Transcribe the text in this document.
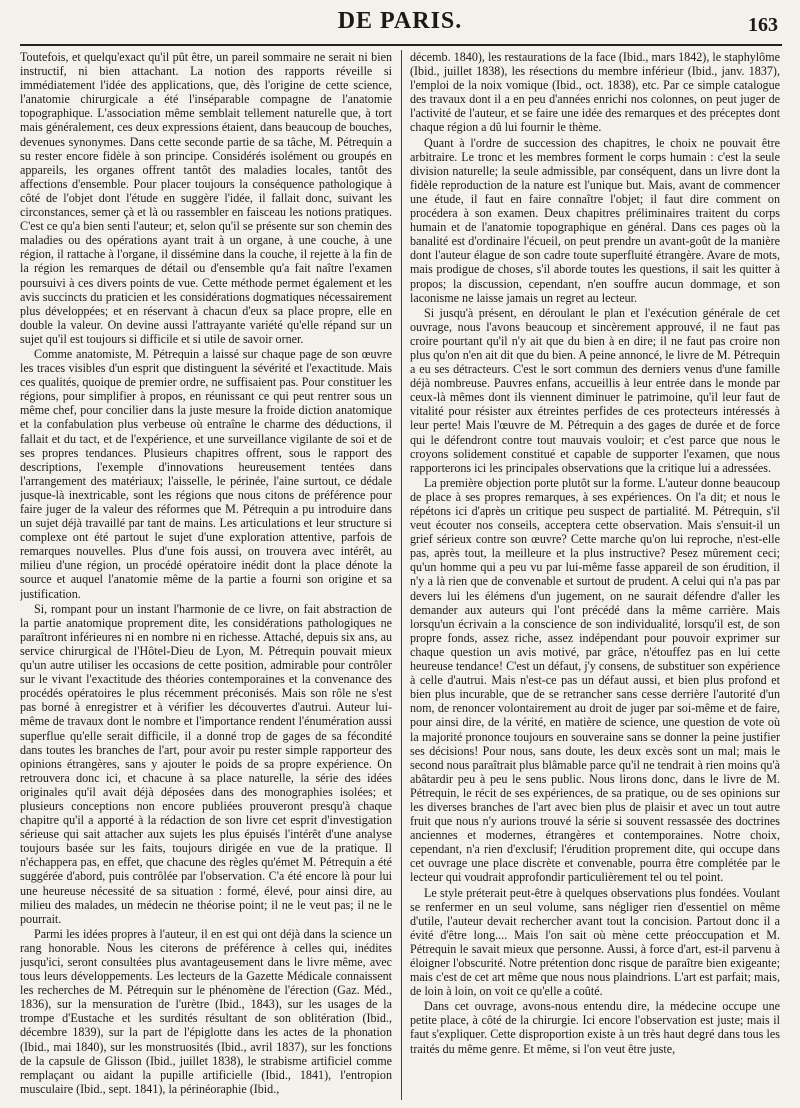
DE PARIS.	163

Toutefois, et quelqu'exact qu'il pût être, un pareil sommaire ne serait ni bien instructif, ni bien attachant. La notion des rapports réveille si immédiatement l'idée des applications, que, dès l'origine de cette science, l'anatomie chirurgicale a été l'inséparable compagne de l'anatomie topographique. L'association même semblait tellement naturelle que, à tort mais généralement, ces deux expressions étaient, dans beaucoup de bouches, devenues synonymes. Dans cette seconde partie de sa tâche, M. Pétrequin a su rester encore fidèle à son principe. Considérés isolément ou groupés en appareils, les organes offrent tantôt des maladies locales, tantôt des affections d'ensemble. Pour placer toujours la conséquence pathologique à côté de l'objet dont l'étude en suggère l'idée, il fallait donc, suivant les circonstances, semer çà et là ou rassembler en faisceau les notions pratiques. C'est ce qu'a bien senti l'auteur; et, selon qu'il se présente sur son chemin des maladies ou des opérations ayant trait à un organe, à une couche, à une région, il rattache à l'organe, il dissémine dans la couche, il rejette à la fin de la région les remarques de détail ou d'ensemble qu'a fait naître l'examen poursuivi à ces divers points de vue. Cette méthode permet également et les avis succincts du praticien et les considérations dogmatiques nécessairement plus développées; et en réservant à chacun d'eux sa place propre, elle en double la valeur. On devine aussi l'attrayante variété qu'elle répand sur un sujet qu'il est toujours si difficile et si utile de savoir orner.

Comme anatomiste, M. Pétrequin a laissé sur chaque page de son œuvre les traces visibles d'un esprit que distinguent la sévérité et l'exactitude. Mais ces qualités, quoique de premier ordre, ne suffisaient pas. Pour constituer les régions, pour simplifier à propos, en réunissant ce qui peut rentrer sous un même chef, pour concilier dans la juste mesure la froide diction anatomique et la confabulation plus verbeuse où entraîne le charme des déductions, il fallait et du tact, et de l'expérience, et une surveillance vigilante de soi et de ses propres tendances. Plusieurs chapitres offrent, sous le rapport des descriptions, l'exemple d'innovations heureusement tentées dans l'arrangement des matériaux; l'aisselle, le périnée, l'aine surtout, ce dédale jusque-là inextricable, sont les régions que nous citons de préférence pour faire juger de la valeur des réformes que M. Pétrequin a pu introduire dans un sujet déjà travaillé par tant de mains. Les articulations et leur structure si complexe ont été partout le sujet d'une exploration attentive, parfois de remarques nouvelles. Plus d'une fois aussi, on trouvera avec intérêt, au milieu d'une région, un procédé opératoire inédit dont la place dénote la source et auquel l'anatomie même de la partie a fourni son origine et sa justification.

Si, rompant pour un instant l'harmonie de ce livre, on fait abstraction de la partie anatomique proprement dite, les considérations pathologiques ne paraîtront inférieures ni en nombre ni en richesse. Attaché, depuis six ans, au service chirurgical de l'Hôtel-Dieu de Lyon, M. Pétrequin pouvait mieux qu'un autre utiliser les occasions de cette position, admirable pour contrôler sur le vivant l'exactitude des théories contemporaines et la convenance des procédés opératoires le plus récemment préconisés. Mais son rôle ne s'est pas borné à enregistrer et à vérifier les découvertes d'autrui. Auteur lui-même de travaux dont le nombre et l'importance rendent l'énumération aussi superflue qu'elle serait difficile, il a donné trop de gages de sa fécondité dans toutes les branches de l'art, pour avoir pu rester simple rapporteur des opinions étrangères, sans y ajouter le poids de sa propre expérience. On retrouvera donc ici, et chacune à sa place naturelle, la série des idées originales qu'il avait déjà déposées dans des monographies isolées; et plusieurs conceptions non encore publiées prouveront presqu'à chaque chapitre qu'il a apporté à la rédaction de son livre cet esprit d'investigation sérieuse qui sait attacher aux sujets les plus épuisés l'intérêt d'une analyse toujours basée sur les faits, toujours dirigée en vue de la pratique. Il n'échappera pas, en effet, que chacune des règles qu'émet M. Pétrequin a été suggérée d'abord, puis contrôlée par l'observation. C'a été encore là pour lui une heureuse nécessité de sa situation : formé, élevé, pour ainsi dire, au milieu des malades, un médecin ne théorise point; il ne le veut pas; il ne le pourrait.

Parmi les idées propres à l'auteur, il en est qui ont déjà dans la science un rang honorable. Nous les citerons de préférence à celles qui, inédites jusqu'ici, seront consultées plus avantageusement dans le livre même, avec tous leurs développements. Les lecteurs de la Gazette Médicale connaissent les recherches de M. Pétrequin sur le phénomène de l'érection (Gaz. Méd., 1836), sur la mensuration de l'urètre (Ibid., 1843), sur les usages de la trompe d'Eustache et les surdités résultant de son oblitération (Ibid., décembre 1839), sur la part de l'épiglotte dans les actes de la phonation (Ibid., mai 1840), sur les monstruosités (Ibid., avril 1837), sur les fonctions de la capsule de Glisson (Ibid., juillet 1838), le strabisme artificiel comme remplaçant ou aidant la pupille artificielle (Ibid., 1841), l'entropion musculaire (Ibid., sept. 1841), la périnéoraphie (Ibid.,

décemb. 1840), les restaurations de la face (Ibid., mars 1842), le staphylôme (Ibid., juillet 1838), les résections du membre inférieur (Ibid., janv. 1837), l'emploi de la noix vomique (Ibid., oct. 1838), etc. Par ce simple catalogue des travaux dont il a en peu d'années enrichi nos colonnes, on peut juger de l'activité de l'auteur, et se faire une idée des remarques et des préceptes dont chaque région a dû lui fournir le thème.

Quant à l'ordre de succession des chapitres, le choix ne pouvait être arbitraire. Le tronc et les membres forment le corps humain : c'est la seule division naturelle; la seule admissible, par conséquent, dans un livre dont la fidèle reproduction de la nature est l'unique but. Mais, avant de commencer une étude, il faut en faire connaître l'objet; il faut dire comment on procédera à son examen. Deux chapitres préliminaires traitent du corps humain et de l'anatomie topographique en général. Dans ces pages où la banalité est d'ordinaire l'écueil, on peut prendre un avant-goût de la manière dont l'auteur élague de son cadre toute superfluité étrangère. Avare de mots, mais prodigue de choses, s'il aborde toutes les questions, il sait les quitter à propos; la discussion, cependant, n'en souffre aucun dommage, et son laconisme ne laisse jamais un regret au lecteur.

Si jusqu'à présent, en déroulant le plan et l'exécution générale de cet ouvrage, nous l'avons beaucoup et sincèrement approuvé, il ne faut pas croire pourtant qu'il n'y ait que du bien à en dire; il ne faut pas croire non plus qu'on n'en ait dit que du bien. A peine annoncé, le livre de M. Pétrequin a eu ses détracteurs. C'est le sort commun des derniers venus d'une famille déjà nombreuse. Pauvres enfans, accueillis à leur entrée dans le monde par ceux-là mêmes dont ils viennent diminuer le patrimoine, qu'il leur faut de vitalité pour résister aux étreintes perfides de ces protecteurs intéressés à leur perte! Mais l'œuvre de M. Pétrequin a des gages de durée et de force qui le défendront contre tout mauvais vouloir; et c'est parce que nous le croyons solidement constitué et capable de supporter l'examen, que nous rapporterons ici les principales observations que la critique lui a adressées.

La première objection porte plutôt sur la forme. L'auteur donne beaucoup de place à ses propres remarques, à ses expériences. On l'a dit; et nous le répétons ici d'après un critique peu suspect de partialité. M. Pétrequin, s'il veut écouter nos conseils, acceptera cette observation. Mais s'ensuit-il un grief sérieux contre son œuvre? Cette marche qu'on lui reproche, n'est-elle pas, après tout, la meilleure et la plus instructive? Pesez mûrement ceci; qu'un homme qui a peu vu par lui-même fasse appareil de son érudition, il n'y a là rien que de convenable et surtout de prudent. A celui qui n'a pas par devers lui les élémens d'un jugement, on ne saurait défendre d'aller les demander aux auteurs qui l'ont précédé dans la même carrière. Mais lorsqu'un écrivain a la conscience de son individualité, lorsqu'il est, de son propre fonds, assez riche, assez indépendant pour pouvoir exprimer sur chaque question un avis motivé, par grâce, n'étouffez pas en lui cette heureuse tendance! C'est un défaut, j'y consens, de substituer son expérience à celle d'autrui. Mais n'est-ce pas un défaut aussi, et bien plus profond et bien plus incurable, que de se retrancher sans cesse derrière l'autorité d'un nom, de renoncer volontairement au droit de juger par soi-même et de faire, pour ainsi dire, de la vérité, en matière de science, une question de vote où la majorité prononce toujours en souveraine sans se donner la peine justifier ses décisions! Pour nous, sans doute, les deux excès sont un mal; mais le second nous paraîtrait plus blâmable parce qu'il ne tendrait à rien moins qu'à abâtardir peu à peu le sens public. Nous lirons donc, dans le livre de M. Pétrequin, le récit de ses expériences, de sa pratique, ou de ses opinions sur les diverses branches de l'art avec bien plus de plaisir et avec un tout autre fruit que nous n'y aurions trouvé la série si souvent ressassée des doctrines anciennes et modernes, étrangères et contemporaines. Notre choix, cependant, n'a rien d'exclusif; l'érudition proprement dite, qui occupe dans cet ouvrage une place discrète et convenable, pourra être complétée par le lecteur qui voudrait approfondir particulièrement tel ou tel point.

Le style préterait peut-être à quelques observations plus fondées. Voulant se renfermer en un seul volume, sans négliger rien d'essentiel on même d'utile, l'auteur devait rechercher avant tout la concision. Partout donc il a évité d'être long.... Mais l'on sait où mène cette préoccupation et M. Pétrequin le savait mieux que personne. Aussi, à force d'art, est-il parvenu à éloigner l'obscurité. Notre prétention donc risque de paraître bien exigeante; mais c'est de cet art même que nous nous plaindrions. L'art est parfait; mais, de loin à loin, on voit ce qu'elle a coûté.

Dans cet ouvrage, avons-nous entendu dire, la médecine occupe une petite place, à côté de la chirurgie. Ici encore l'observation est juste; mais il faut s'expliquer. Cette disproportion existe à un très haut degré dans tous les traités du même genre. Et même, si l'on veut être juste,
